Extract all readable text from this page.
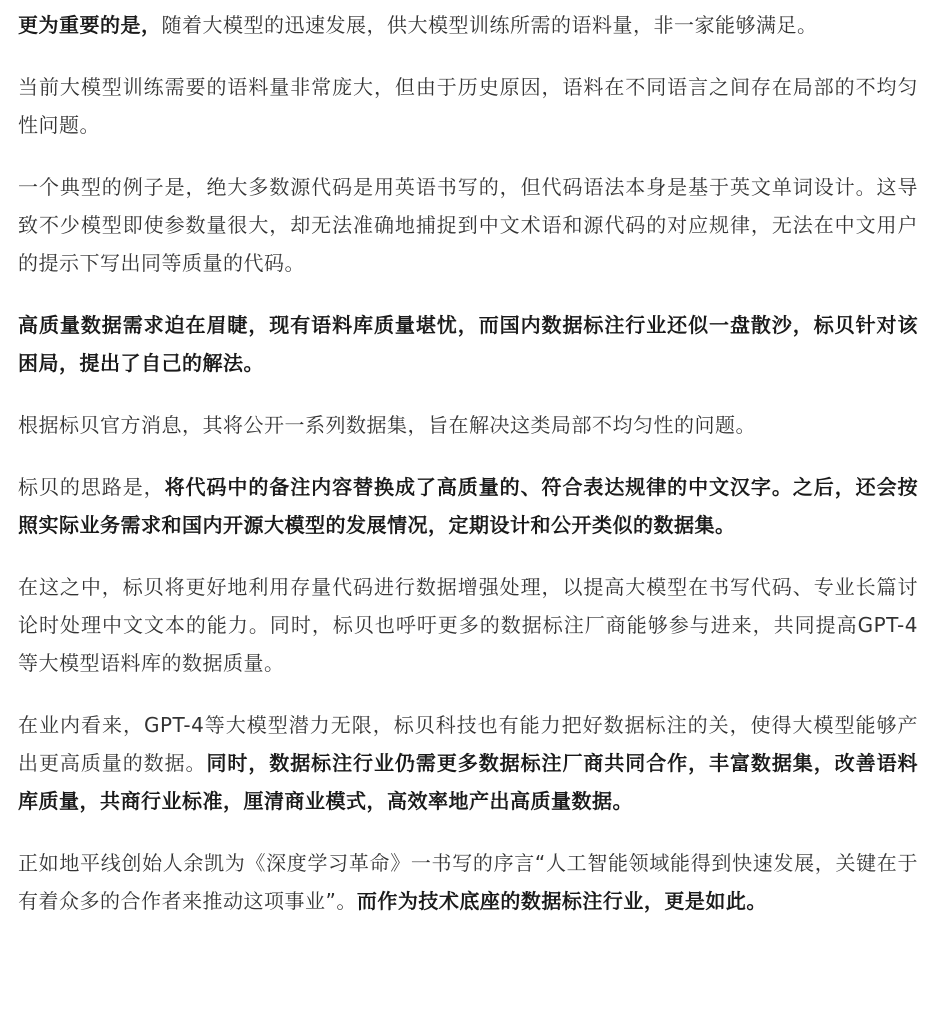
更为重要的是，随着大模型的迅速发展，供大模型训练所需的语料量，非一家能够满足。

当前大模型训练需要的语料量非常庞大，但由于历史原因，语料在不同语言之间存在局部的不均匀性问题。

一个典型的例子是，绝大多数源代码是用英语书写的，但代码语法本身是基于英文单词设计。这导致不少模型即使参数量很大，却无法准确地捕捉到中文术语和源代码的对应规律，无法在中文用户的提示下写出同等质量的代码。

高质量数据需求迫在眉睫，现有语料库质量堪忧，而国内数据标注行业还似一盘散沙，标贝针对该困局，提出了自己的解法。

根据标贝官方消息，其将公开一系列数据集，旨在解决这类局部不均匀性的问题。

标贝的思路是，将代码中的备注内容替换成了高质量的、符合表达规律的中文汉字。之后，还会按照实际业务需求和国内开源大模型的发展情况，定期设计和公开类似的数据集。

在这之中，标贝将更好地利用存量代码进行数据增强处理，以提高大模型在书写代码、专业长篇讨论时处理中文文本的能力。同时，标贝也呼吁更多的数据标注厂商能够参与进来，共同提高GPT-4等大模型语料库的数据质量。

在业内看来，GPT-4等大模型潜力无限，标贝科技也有能力把好数据标注的关，使得大模型能够产出更高质量的数据。同时，数据标注行业仍需更多数据标注厂商共同合作，丰富数据集，改善语料库质量，共商行业标准，厘清商业模式，高效率地产出高质量数据。

正如地平线创始人余凯为《深度学习革命》一书写的序言“人工智能领域能得到快速发展，关键在于有着众多的合作者来推动这项事业”。而作为技术底座的数据标注行业，更是如此。
